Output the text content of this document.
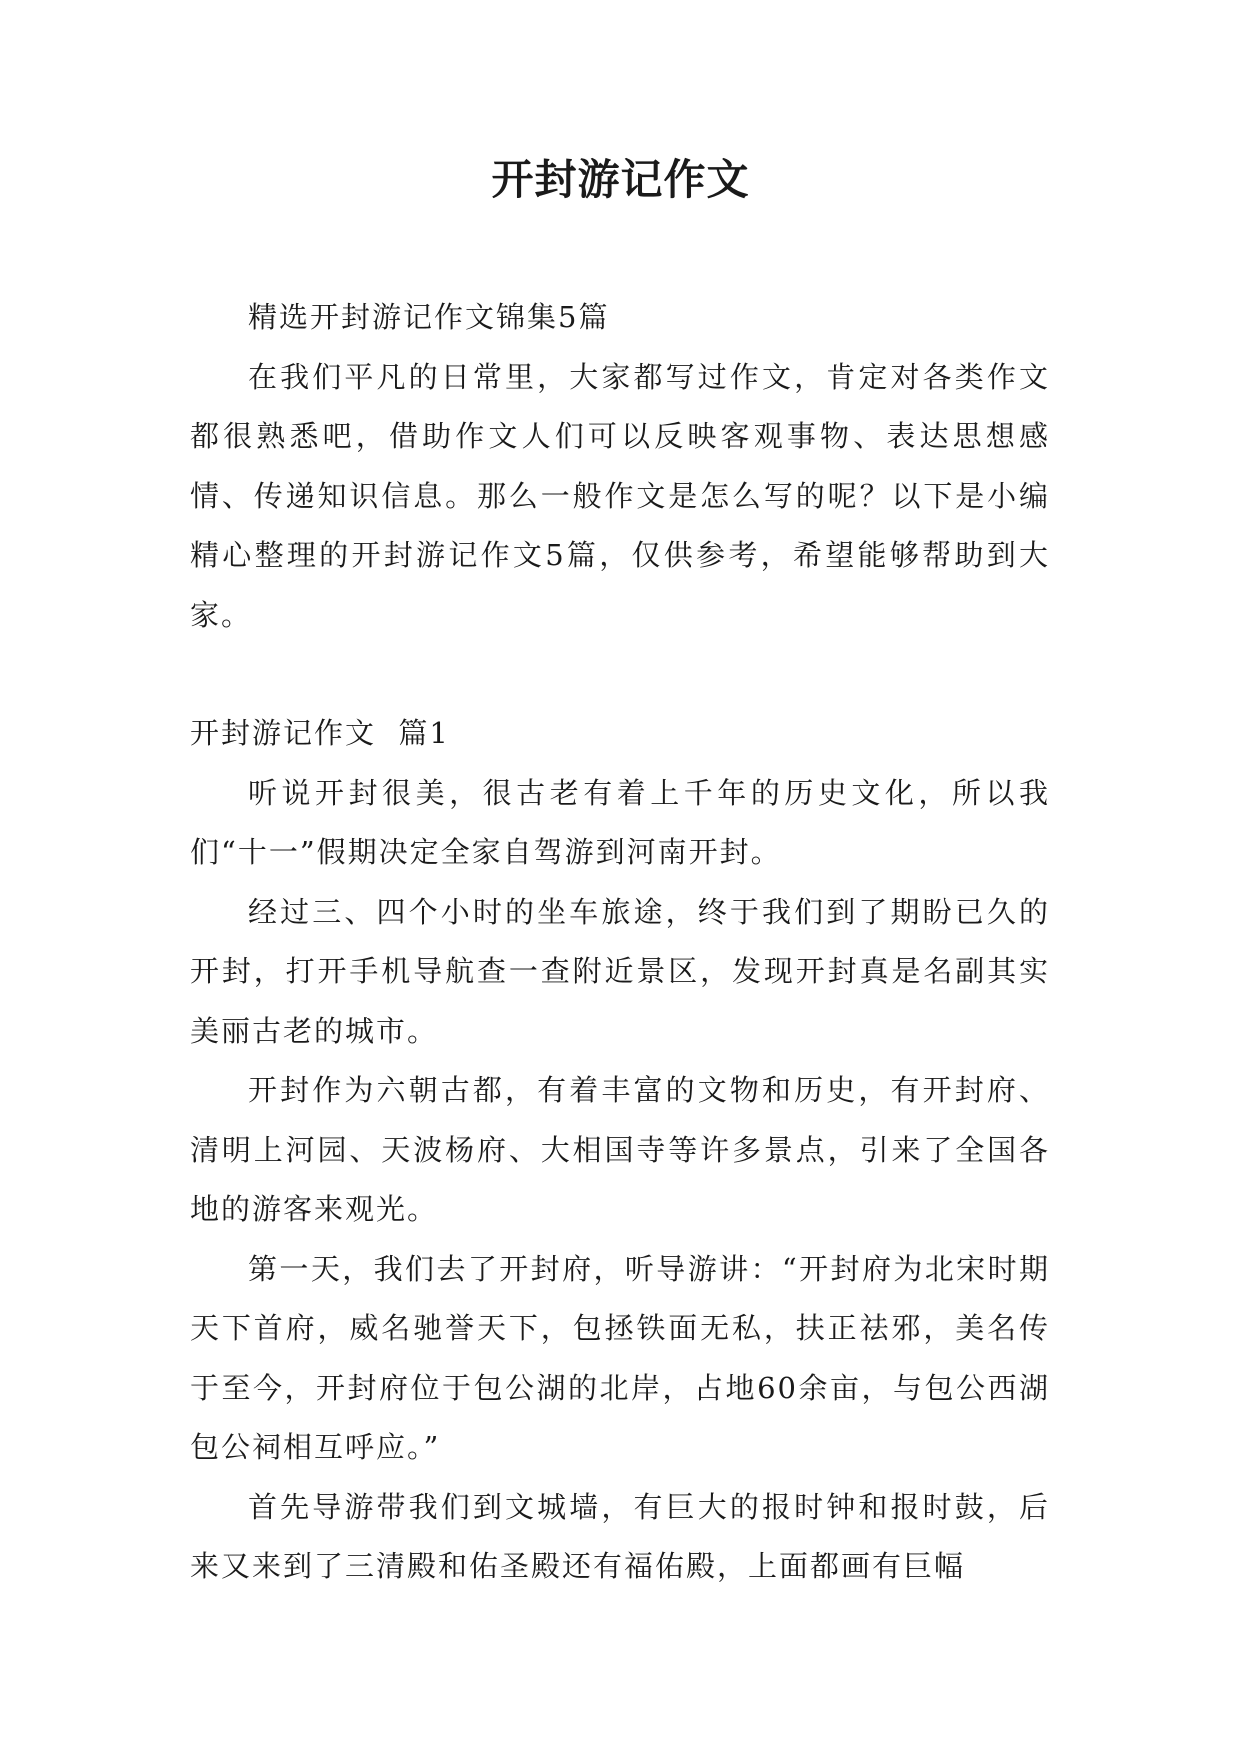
开封游记作文

精选开封游记作文锦集5篇

在我们平凡的日常里，大家都写过作文，肯定对各类作文都很熟悉吧，借助作文人们可以反映客观事物、表达思想感情、传递知识信息。那么一般作文是怎么写的呢？以下是小编精心整理的开封游记作文5篇，仅供参考，希望能够帮助到大家。

开封游记作文  篇1

听说开封很美，很古老有着上千年的历史文化，所以我们“十一”假期决定全家自驾游到河南开封。

经过三、四个小时的坐车旅途，终于我们到了期盼已久的开封，打开手机导航查一查附近景区，发现开封真是名副其实美丽古老的城市。

开封作为六朝古都，有着丰富的文物和历史，有开封府、清明上河园、天波杨府、大相国寺等许多景点，引来了全国各地的游客来观光。

第一天，我们去了开封府，听导游讲：“开封府为北宋时期天下首府，威名驰誉天下，包拯铁面无私，扶正祛邪，美名传于至今，开封府位于包公湖的北岸，占地60余亩，与包公西湖包公祠相互呼应。”

首先导游带我们到文城墙，有巨大的报时钟和报时鼓，后来又来到了三清殿和佑圣殿还有福佑殿，上面都画有巨幅
